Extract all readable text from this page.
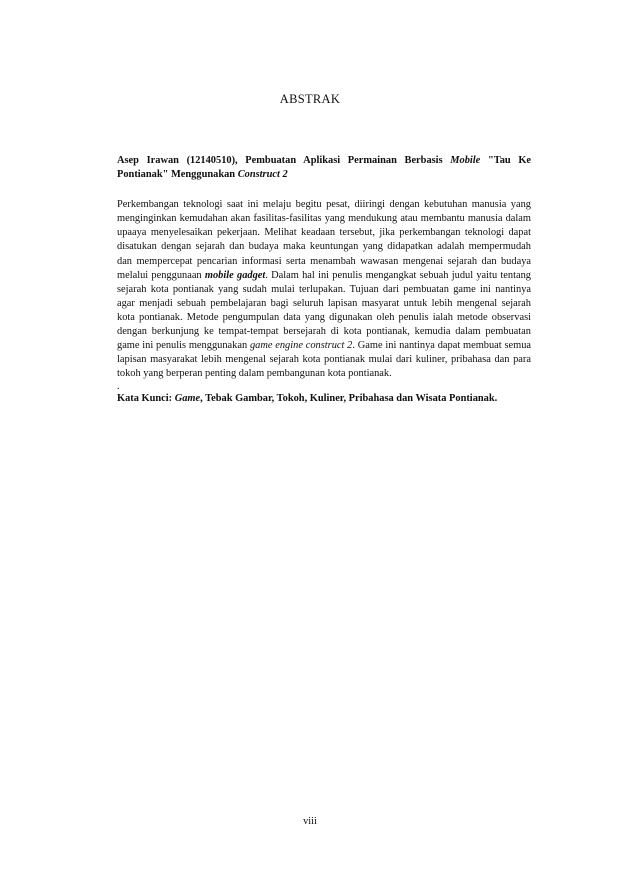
ABSTRAK

Asep Irawan (12140510), Pembuatan Aplikasi Permainan Berbasis Mobile "Tau Ke Pontianak" Menggunakan Construct 2

Perkembangan teknologi saat ini melaju begitu pesat, diiringi dengan kebutuhan manusia yang menginginkan kemudahan akan fasilitas-fasilitas yang mendukung atau membantu manusia dalam upaaya menyelesaikan pekerjaan. Melihat keadaan tersebut, jika perkembangan teknologi dapat disatukan dengan sejarah dan budaya maka keuntungan yang didapatkan adalah mempermudah dan mempercepat pencarian informasi serta menambah wawasan mengenai sejarah dan budaya melalui penggunaan mobile gadget. Dalam hal ini penulis mengangkat sebuah judul yaitu tentang sejarah kota pontianak yang sudah mulai terlupakan. Tujuan dari pembuatan game ini nantinya agar menjadi sebuah pembelajaran bagi seluruh lapisan masyarat untuk lebih mengenal sejarah kota pontianak. Metode pengumpulan data yang digunakan oleh penulis ialah metode observasi dengan berkunjung ke tempat-tempat bersejarah di kota pontianak, kemudia dalam pembuatan game ini penulis menggunakan game engine construct 2. Game ini nantinya dapat membuat semua lapisan masyarakat lebih mengenal sejarah kota pontianak mulai dari kuliner, pribahasa dan para tokoh yang berperan penting dalam pembangunan kota pontianak.

.

Kata Kunci: Game, Tebak Gambar, Tokoh, Kuliner, Pribahasa dan Wisata Pontianak.

viii
